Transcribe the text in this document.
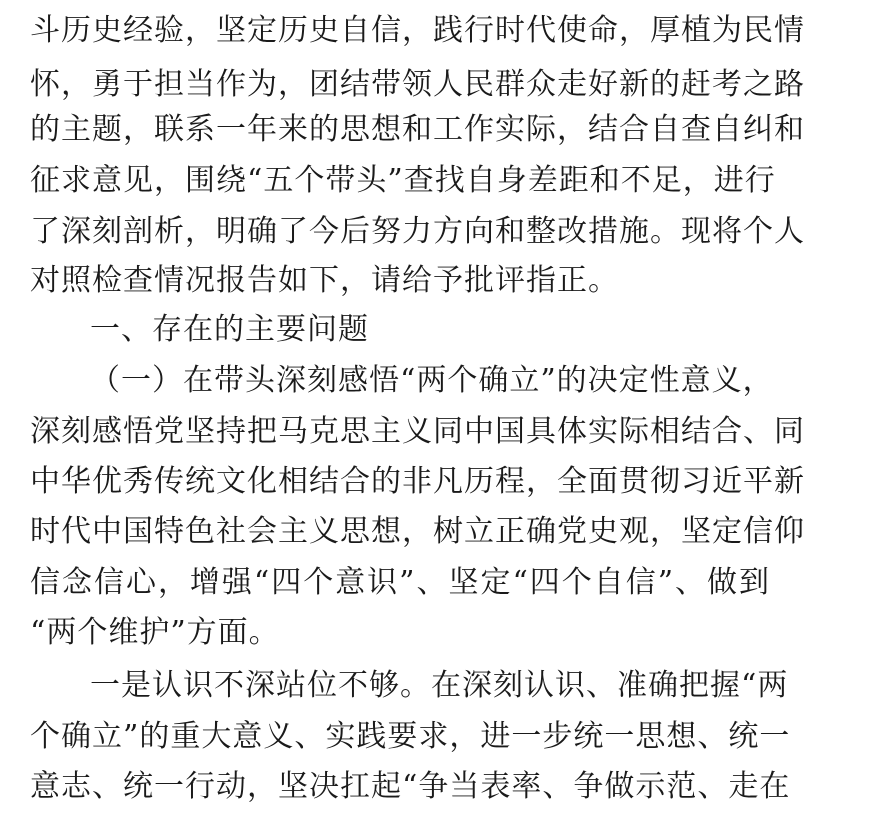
斗 历 史 经 验 ， 坚 定 历 史 自 信 ， 践 行 时 代 使 命 ， 厚 植 为 民 情
怀 ， 勇 于 担 当 作 为 ， 团 结 带 领 人 民 群 众 走 好 新 的 赶 考 之 路
的 主 题 ， 联 系 一 年 来 的 思 想 和 工 作 实 际 ， 结 合 自 查 自 纠 和
征 求 意 见 ， 围 绕 “ 五 个 带 头 ” 查 找 自 身 差 距 和 不 足 ， 进 行
了 深 刻 剖 析 ， 明 确 了 今 后 努 力 方 向 和 整 改 措 施 。 现 将 个 人
对照检查情况报告如下，请给予批评指正。
一、存在的主要问题
（一）在带头深刻感悟“两个确立”的决定性意义，
深 刻 感 悟 党 坚 持 把 马 克 思 主 义 同 中 国 具 体 实 际 相 结 合 、 同
中 华 优 秀 传 统 文 化 相 结 合 的 非 凡 历 程 ， 全 面 贯 彻 习 近 平 新
时 代 中 国 特 色 社 会 主 义 思 想 ， 树 立 正 确 党 史 观 ， 坚 定 信 仰
信 念 信 心 ， 增 强 “ 四 个 意 识 ” 、 坚 定 “ 四 个 自 信 ” 、 做 到
“两个维护”方面。
一是认识不深站位不够。在深刻认识、准确把握“两
个 确 立 ” 的 重 大 意 义 、 实 践 要 求 ， 进 一 步 统 一 思 想 、 统 一
意 志 、 统 一 行 动 ， 坚 决 扛 起 “ 争 当 表 率 、 争 做 示 范 、 走 在
